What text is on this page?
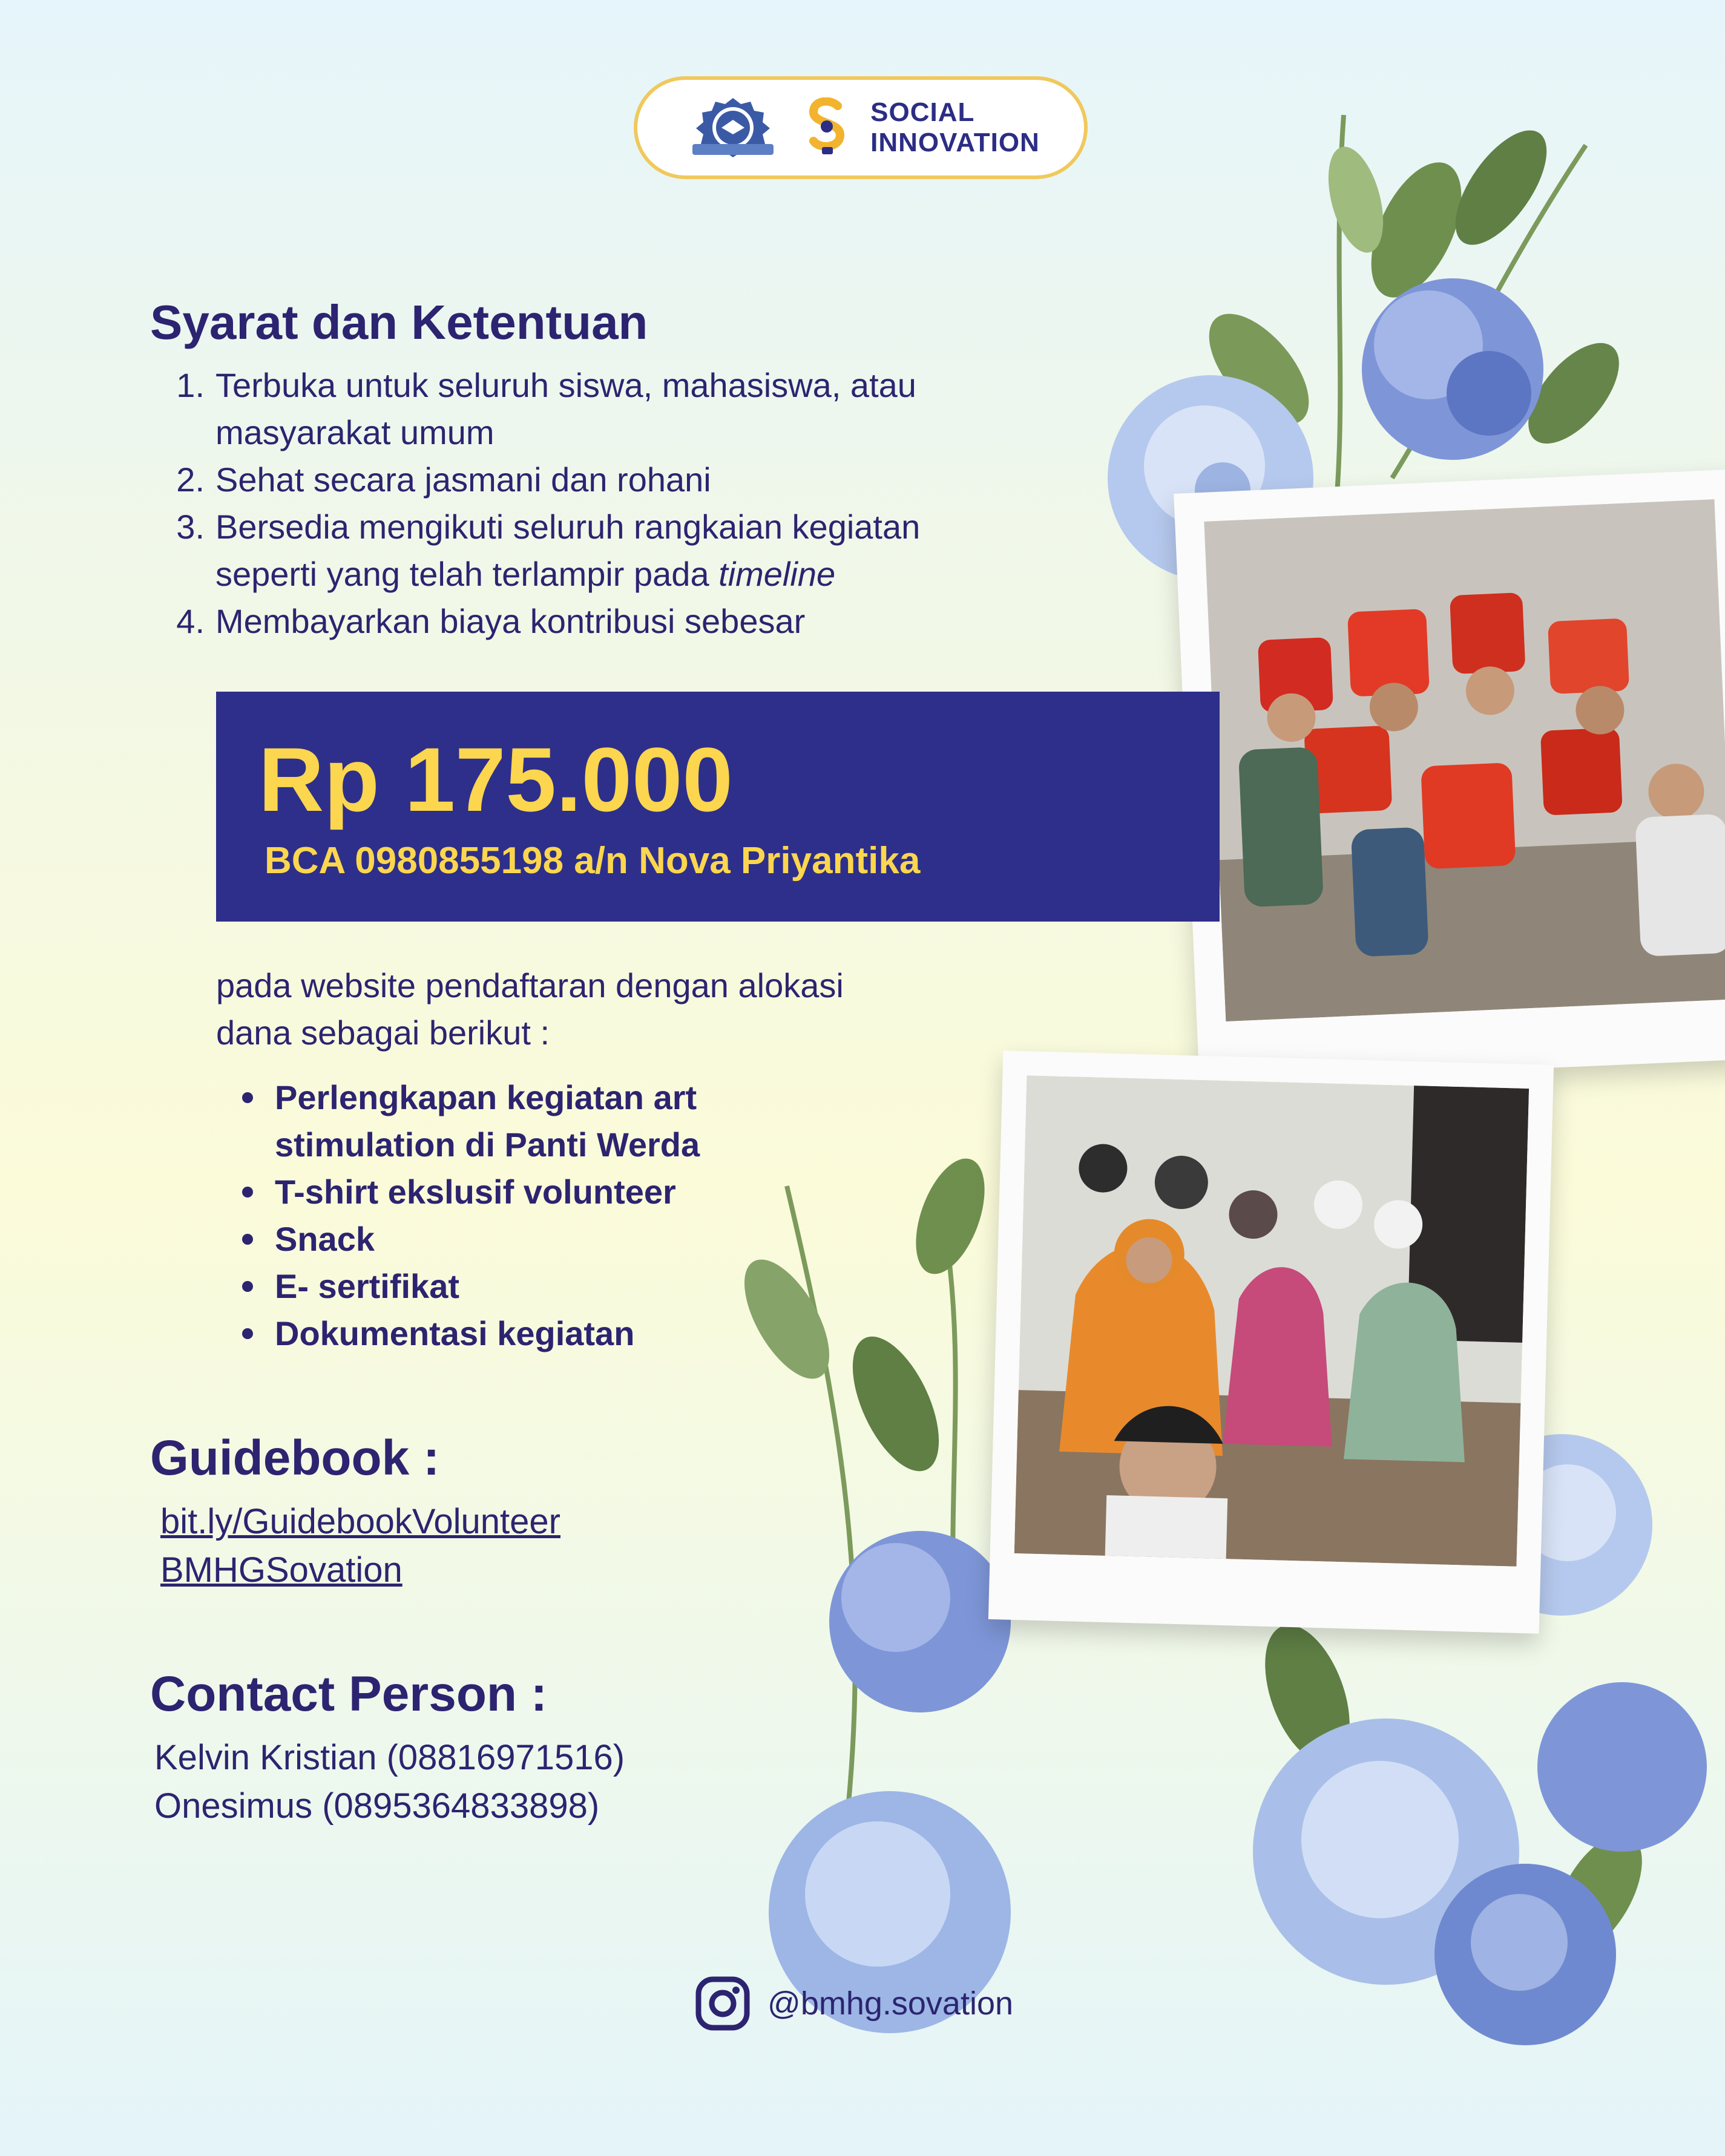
SOCIAL
INNOVATION
Syarat dan Ketentuan
1. Terbuka untuk seluruh siswa, mahasiswa, atau
masyarakat umum
2. Sehat secara jasmani dan rohani
3. Bersedia mengikuti seluruh rangkaian kegiatan
seperti yang telah terlampir pada timeline
4. Membayarkan biaya kontribusi sebesar
Rp 175.000
BCA 0980855198 a/n Nova Priyantika
pada website pendaftaran dengan alokasi
dana sebagai berikut :
Perlengkapan kegiatan art
stimulation di Panti Werda
T-shirt ekslusif volunteer
Snack
E- sertifikat
Dokumentasi kegiatan
Guidebook :
bit.ly/GuidebookVolunteer
BMHGSovation
Contact Person :
Kelvin Kristian (08816971516)
Onesimus (0895364833898)
@bmhg.sovation
